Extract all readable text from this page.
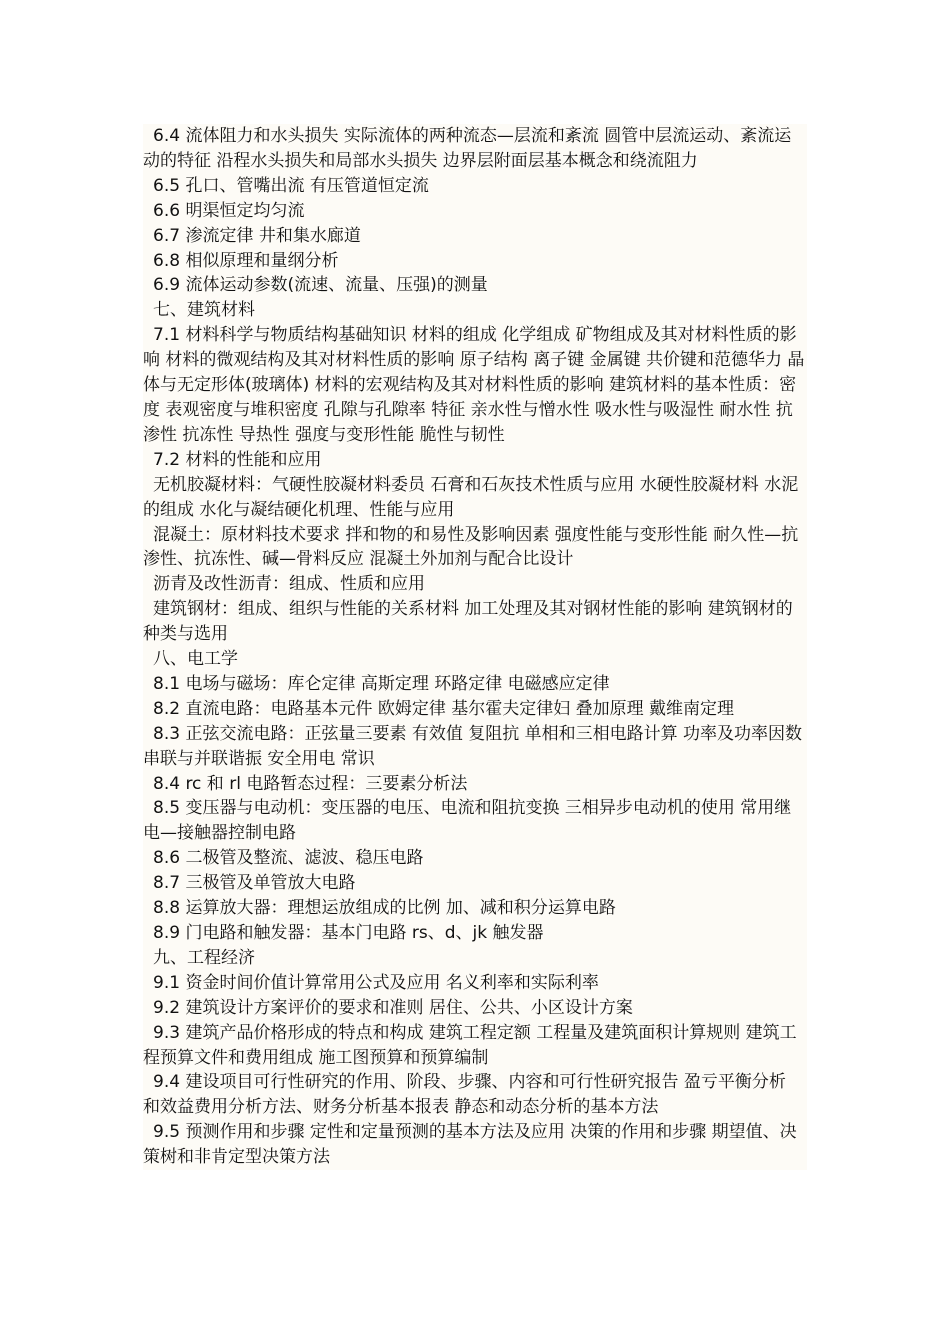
6.4 流体阻力和水头损失 实际流体的两种流态—层流和紊流 圆管中层流运动、紊流运动的特征 沿程水头损失和局部水头损失 边界层附面层基本概念和绕流阻力

6.5 孔口、管嘴出流 有压管道恒定流

6.6 明渠恒定均匀流

6.7 渗流定律 井和集水廊道

6.8 相似原理和量纲分析

6.9 流体运动参数(流速、流量、压强)的测量

七、建筑材料

7.1 材料科学与物质结构基础知识 材料的组成 化学组成 矿物组成及其对材料性质的影响 材料的微观结构及其对材料性质的影响 原子结构 离子键 金属键 共价键和范德华力 晶体与无定形体(玻璃体) 材料的宏观结构及其对材料性质的影响 建筑材料的基本性质：密度 表观密度与堆积密度 孔隙与孔隙率 特征 亲水性与憎水性 吸水性与吸湿性 耐水性 抗渗性 抗冻性 导热性 强度与变形性能 脆性与韧性

7.2 材料的性能和应用

无机胶凝材料：气硬性胶凝材料委员 石膏和石灰技术性质与应用 水硬性胶凝材料 水泥的组成 水化与凝结硬化机理、性能与应用

混凝土：原材料技术要求 拌和物的和易性及影响因素 强度性能与变形性能 耐久性—抗渗性、抗冻性、碱—骨料反应 混凝土外加剂与配合比设计

沥青及改性沥青：组成、性质和应用

建筑钢材：组成、组织与性能的关系材料 加工处理及其对钢材性能的影响 建筑钢材的种类与选用

八、电工学

8.1 电场与磁场：库仑定律 高斯定理 环路定律 电磁感应定律

8.2 直流电路：电路基本元件 欧姆定律 基尔霍夫定律妇 叠加原理 戴维南定理

8.3 正弦交流电路：正弦量三要素 有效值 复阻抗 单相和三相电路计算 功率及功率因数 串联与并联谐振 安全用电 常识

8.4 rc 和 rl 电路暂态过程：三要素分析法

8.5 变压器与电动机：变压器的电压、电流和阻抗变换 三相异步电动机的使用 常用继电—接触器控制电路

8.6 二极管及整流、滤波、稳压电路

8.7 三极管及单管放大电路

8.8 运算放大器：理想运放组成的比例 加、减和积分运算电路

8.9 门电路和触发器：基本门电路 rs、d、jk 触发器

九、工程经济

9.1 资金时间价值计算常用公式及应用 名义利率和实际利率

9.2 建筑设计方案评价的要求和准则 居住、公共、小区设计方案

9.3 建筑产品价格形成的特点和构成 建筑工程定额 工程量及建筑面积计算规则 建筑工程预算文件和费用组成 施工图预算和预算编制

9.4 建设项目可行性研究的作用、阶段、步骤、内容和可行性研究报告 盈亏平衡分析 和效益费用分析方法、财务分析基本报表 静态和动态分析的基本方法

9.5 预测作用和步骤 定性和定量预测的基本方法及应用 决策的作用和步骤 期望值、决策树和非肯定型决策方法
